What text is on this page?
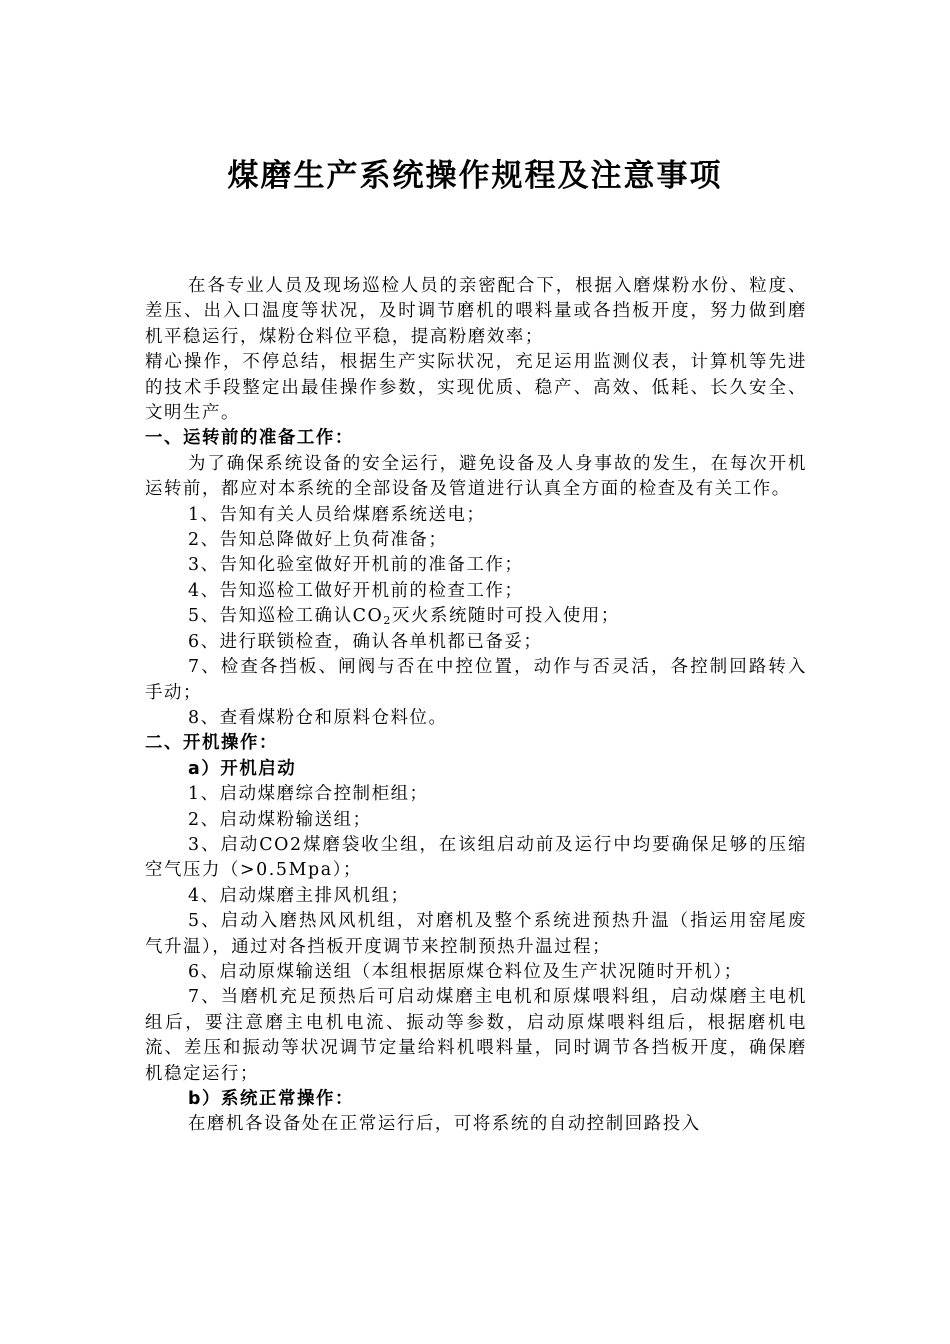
煤磨生产系统操作规程及注意事项

在各专业人员及现场巡检人员的亲密配合下，根据入磨煤粉水份、粒度、差压、出入口温度等状况，及时调节磨机的喂料量或各挡板开度，努力做到磨机平稳运行，煤粉仓料位平稳，提高粉磨效率；

精心操作，不停总结，根据生产实际状况，充足运用监测仪表，计算机等先进的技术手段整定出最佳操作参数，实现优质、稳产、高效、低耗、长久安全、文明生产。

一、运转前的准备工作：

为了确保系统设备的安全运行，避免设备及人身事故的发生，在每次开机运转前，都应对本系统的全部设备及管道进行认真全方面的检查及有关工作。

1、告知有关人员给煤磨系统送电；

2、告知总降做好上负荷准备；

3、告知化验室做好开机前的准备工作；

4、告知巡检工做好开机前的检查工作；

5、告知巡检工确认$CO_2$灭火系统随时可投入使用；

6、进行联锁检查，确认各单机都已备妥；

7、检查各挡板、闸阀与否在中控位置，动作与否灵活，各控制回路转入手动；

8、查看煤粉仓和原料仓料位。

二、开机操作：

a）开机启动

1、启动煤磨综合控制柜组；

2、启动煤粉输送组；

3、启动CO2煤磨袋收尘组，在该组启动前及运行中均要确保足够的压缩空气压力（>0.5Mpa）；

4、启动煤磨主排风机组；

5、启动入磨热风风机组，对磨机及整个系统进预热升温（指运用窑尾废气升温），通过对各挡板开度调节来控制预热升温过程；

6、启动原煤输送组（本组根据原煤仓料位及生产状况随时开机）；

7、当磨机充足预热后可启动煤磨主电机和原煤喂料组，启动煤磨主电机组后，要注意磨主电机电流、振动等参数，启动原煤喂料组后，根据磨机电流、差压和振动等状况调节定量给料机喂料量，同时调节各挡板开度，确保磨机稳定运行；

b）系统正常操作：

在磨机各设备处在正常运行后，可将系统的自动控制回路投入
